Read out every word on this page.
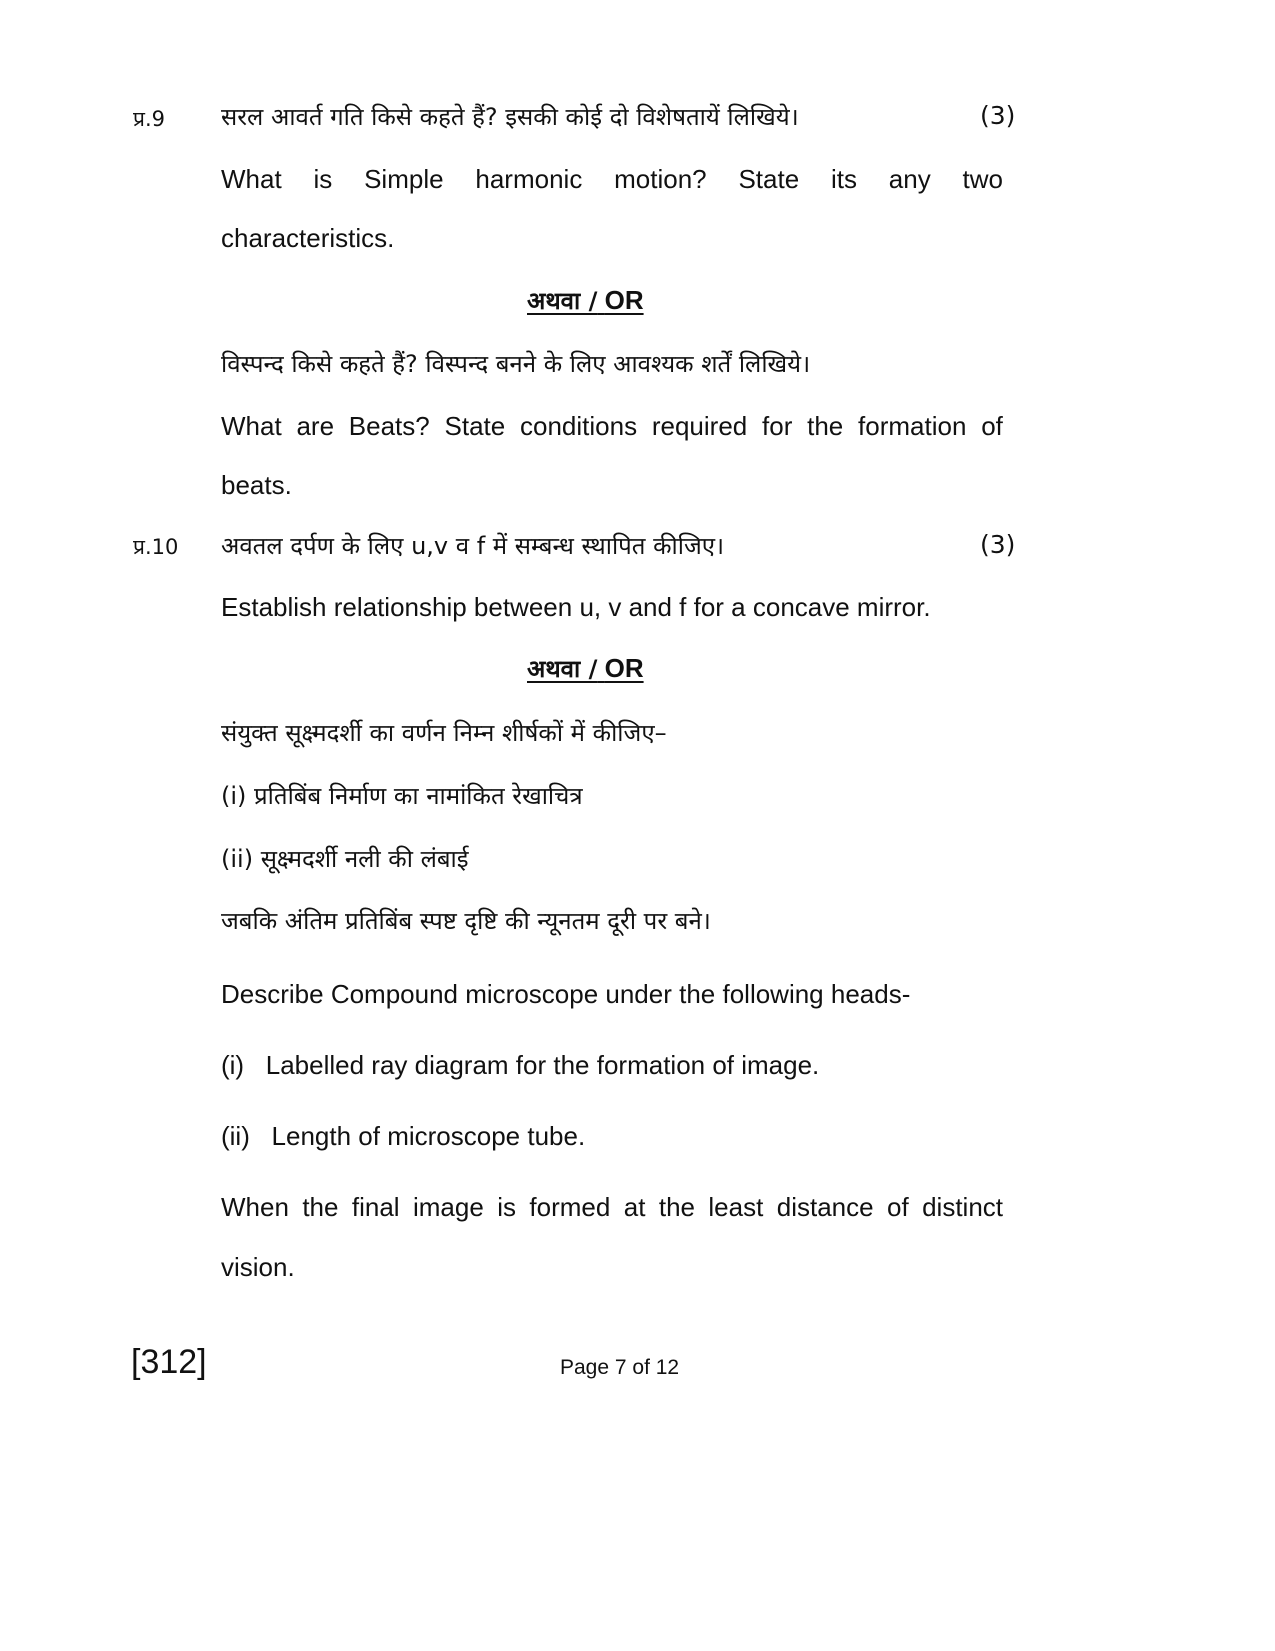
प्र.9 सरल आवर्त गति किसे कहते हैं? इसकी कोई दो विशेषतायें लिखिये।	(3)
What is Simple harmonic motion? State its any two
characteristics.
अथवा / OR
विस्पन्द किसे कहते हैं? विस्पन्द बनने के लिए आवश्यक शर्तें लिखिये।
What are Beats? State conditions required for the formation of
beats.
प्र.10 अवतल दर्पण के लिए u,v व f में सम्बन्ध स्थापित कीजिए।	(3)
Establish relationship between u, v and f for a concave mirror.
अथवा / OR
संयुक्त सूक्ष्मदर्शी का वर्णन निम्न शीर्षकों में कीजिए–
(i) प्रतिबिंब निर्माण का नामांकित रेखाचित्र
(ii) सूक्ष्मदर्शी नली की लंबाई
जबकि अंतिम प्रतिबिंब स्पष्ट दृष्टि की न्यूनतम दूरी पर बने।
Describe Compound microscope under the following heads-
(i)   Labelled ray diagram for the formation of image.
(ii)   Length of microscope tube.
When the final image is formed at the least distance of distinct
vision.
[312]	Page 7 of 12
